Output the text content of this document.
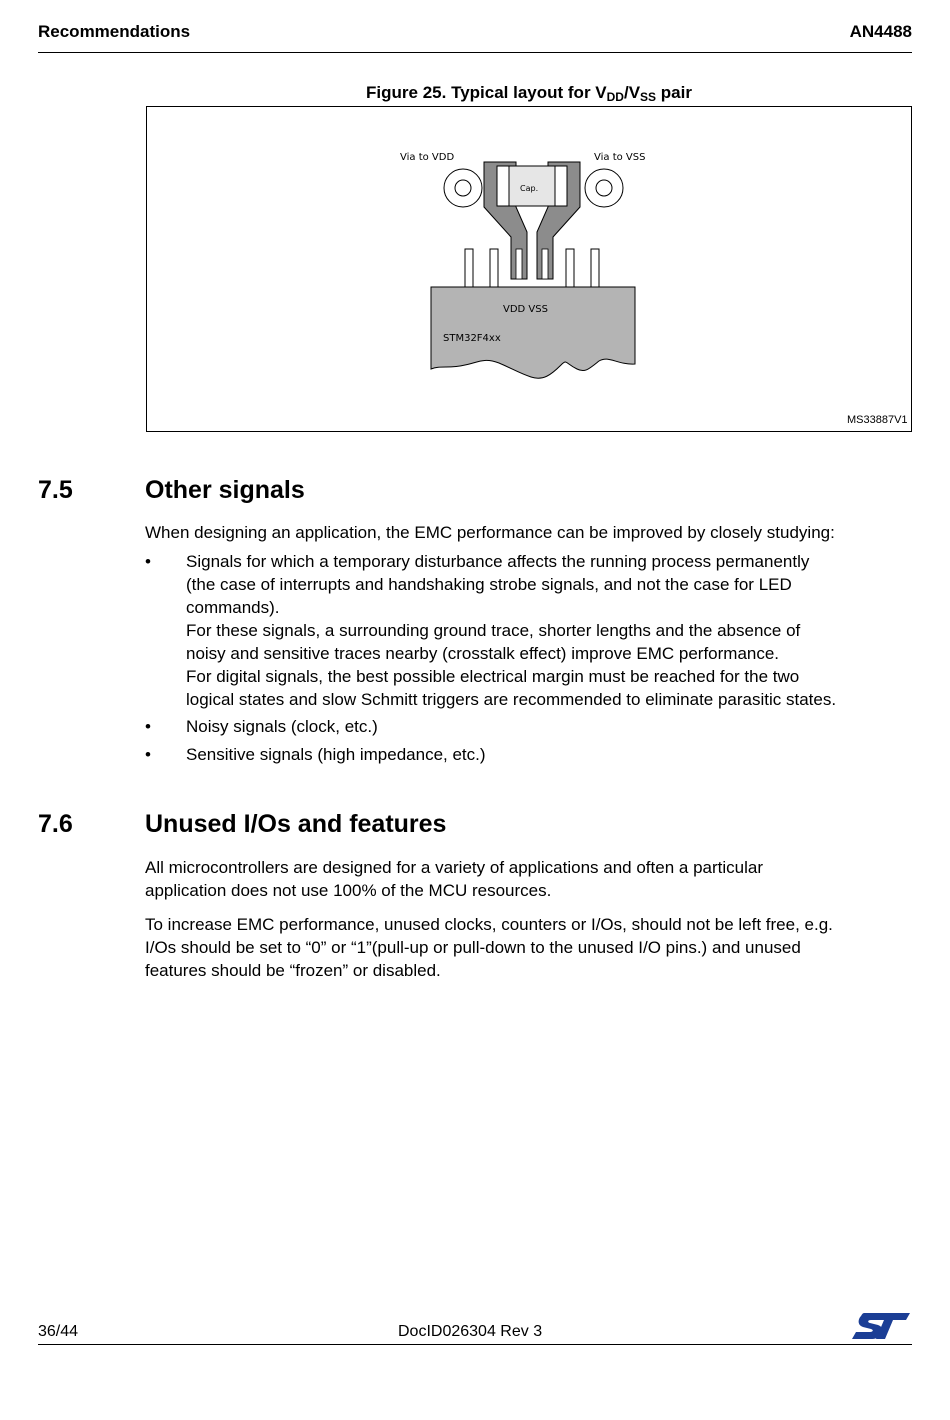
Recommendations	AN4488
Figure 25. Typical layout for $V_{DD}/V_{SS}$ pair
Via to VDD	Via to VSS
Cap.
VDD VSS
STM32F4xx
MS33887V1
7.5	Other signals
When designing an application, the EMC performance can be improved by closely studying:
•	Signals for which a temporary disturbance affects the running process permanently
(the case of interrupts and handshaking strobe signals, and not the case for LED
commands).
For these signals, a surrounding ground trace, shorter lengths and the absence of
noisy and sensitive traces nearby (crosstalk effect) improve EMC performance.
For digital signals, the best possible electrical margin must be reached for the two
logical states and slow Schmitt triggers are recommended to eliminate parasitic states.
•	Noisy signals (clock, etc.)
•	Sensitive signals (high impedance, etc.)
7.6	Unused I/Os and features
All microcontrollers are designed for a variety of applications and often a particular
application does not use 100% of the MCU resources.
To increase EMC performance, unused clocks, counters or I/Os, should not be left free, e.g.
I/Os should be set to “0” or “1”(pull-up or pull-down to the unused I/O pins.) and unused
features should be “frozen” or disabled.
36/44	DocID026304 Rev 3
